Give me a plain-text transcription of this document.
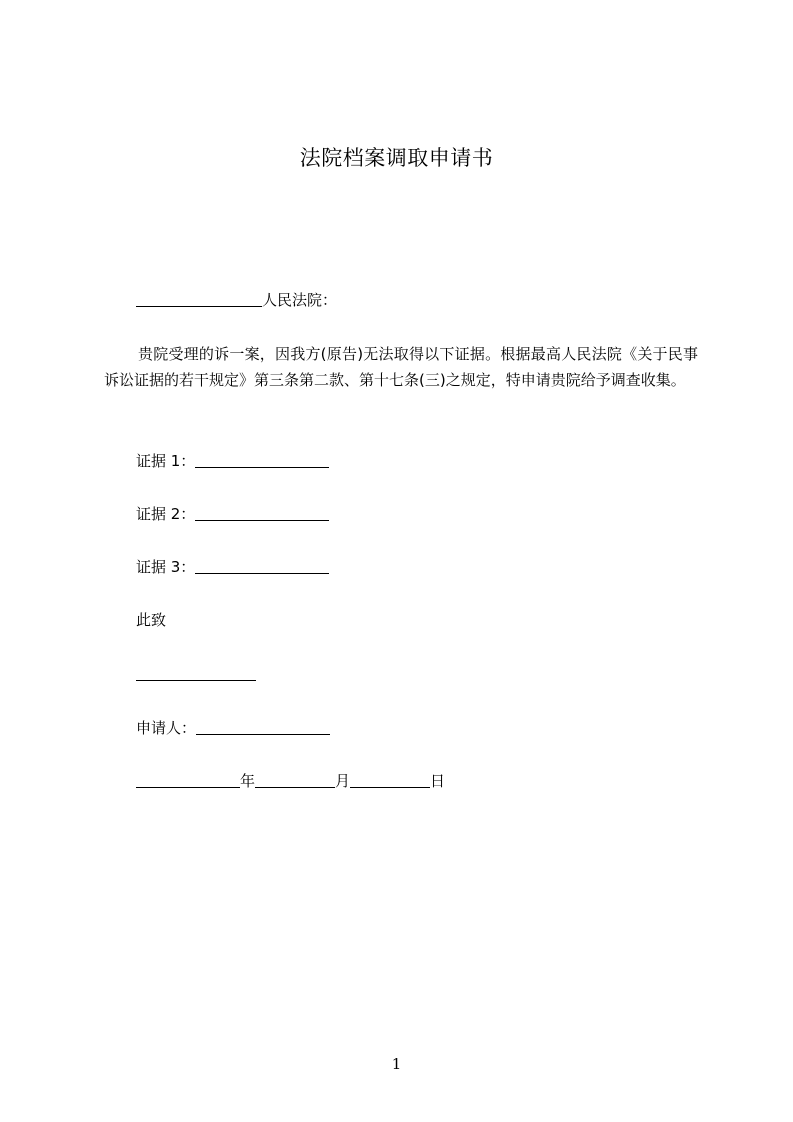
法院档案调取申请书
人民法院：
贵院受理的诉一案，因我方(原告)无法取得以下证据。根据最高人民法院《关于民事诉讼证据的若干规定》第三条第二款、第十七条(三)之规定，特申请贵院给予调查收集。
证据 1：
证据 2：
证据 3：
此致
申请人：
年	月	日
1
